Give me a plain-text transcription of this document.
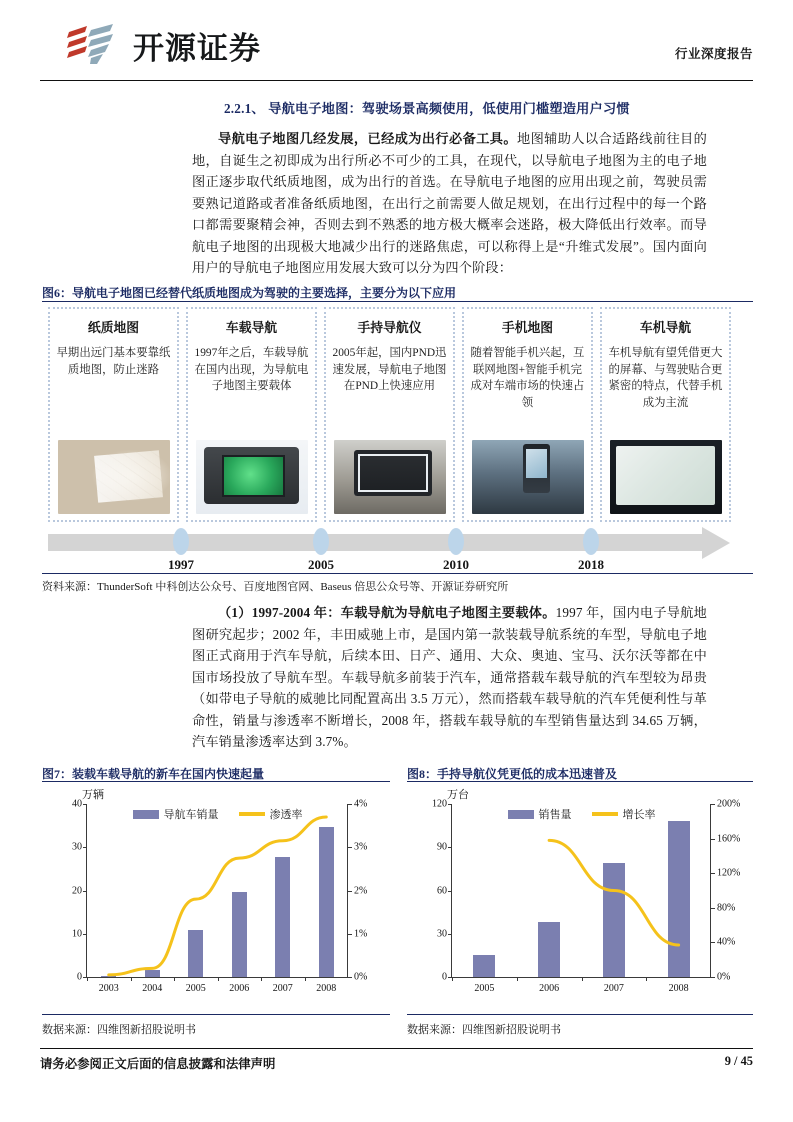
开源证券	行业深度报告
2.2.1、 导航电子地图：驾驶场景高频使用，低使用门槛塑造用户习惯
导航电子地图几经发展，已经成为出行必备工具。地图辅助人以合适路线前往目的地，自诞生之初即成为出行所必不可少的工具，在现代，以导航电子地图为主的电子地图正逐步取代纸质地图，成为出行的首选。在导航电子地图的应用出现之前，驾驶员需要熟记道路或者准备纸质地图，在出行之前需要人做足规划，在出行过程中的每一个路口都需要聚精会神，否则去到不熟悉的地方极大概率会迷路，极大降低出行效率。而导航电子地图的出现极大地减少出行的迷路焦虑，可以称得上是“升维式发展”。国内面向用户的导航电子地图应用发展大致可以分为四个阶段：
图6：导航电子地图已经替代纸质地图成为驾驶的主要选择，主要分为以下应用
纸质地图
早期出远门基本要靠纸质地图，防止迷路
车载导航
1997年之后，车载导航在国内出现，为导航电子地图主要载体
手持导航仪
2005年起，国内PND迅速发展，导航电子地图在PND上快速应用
手机地图
随着智能手机兴起，互联网地图+智能手机完成对车端市场的快速占领
车机导航
车机导航有望凭借更大的屏幕、与驾驶贴合更紧密的特点，代替手机成为主流
1997	2005	2010	2018
资料来源：ThunderSoft 中科创达公众号、百度地图官网、Baseus 倍思公众号等、开源证券研究所
（1）1997-2004 年：车载导航为导航电子地图主要载体。1997 年，国内电子导航地图研究起步；2002 年，丰田威驰上市，是国内第一款装载导航系统的车型，导航电子地图正式商用于汽车导航，后续本田、日产、通用、大众、奥迪、宝马、沃尔沃等都在中国市场投放了导航车型。车载导航多前装于汽车，通常搭载车载导航的汽车型较为昂贵（如带电子导航的威驰比同配置高出 3.5 万元），然而搭载车载导航的汽车凭便利性与革命性，销量与渗透率不断增长，2008 年，搭载车载导航的车型销售量达到 34.65 万辆，汽车销量渗透率达到 3.7%。
图7：装载车载导航的新车在国内快速起量
万辆
导航车销量	渗透率
0
10
20
30
40
0%
1%
2%
3%
4%
2003 2004 2005 2006 2007 2008
数据来源：四维图新招股说明书
图8：手持导航仪凭更低的成本迅速普及
万台
销售量	增长率
0
30
60
90
120
0%
40%
80%
120%
160%
200%
2005	2006	2007	2008
数据来源：四维图新招股说明书
请务必参阅正文后面的信息披露和法律声明	9 / 45
